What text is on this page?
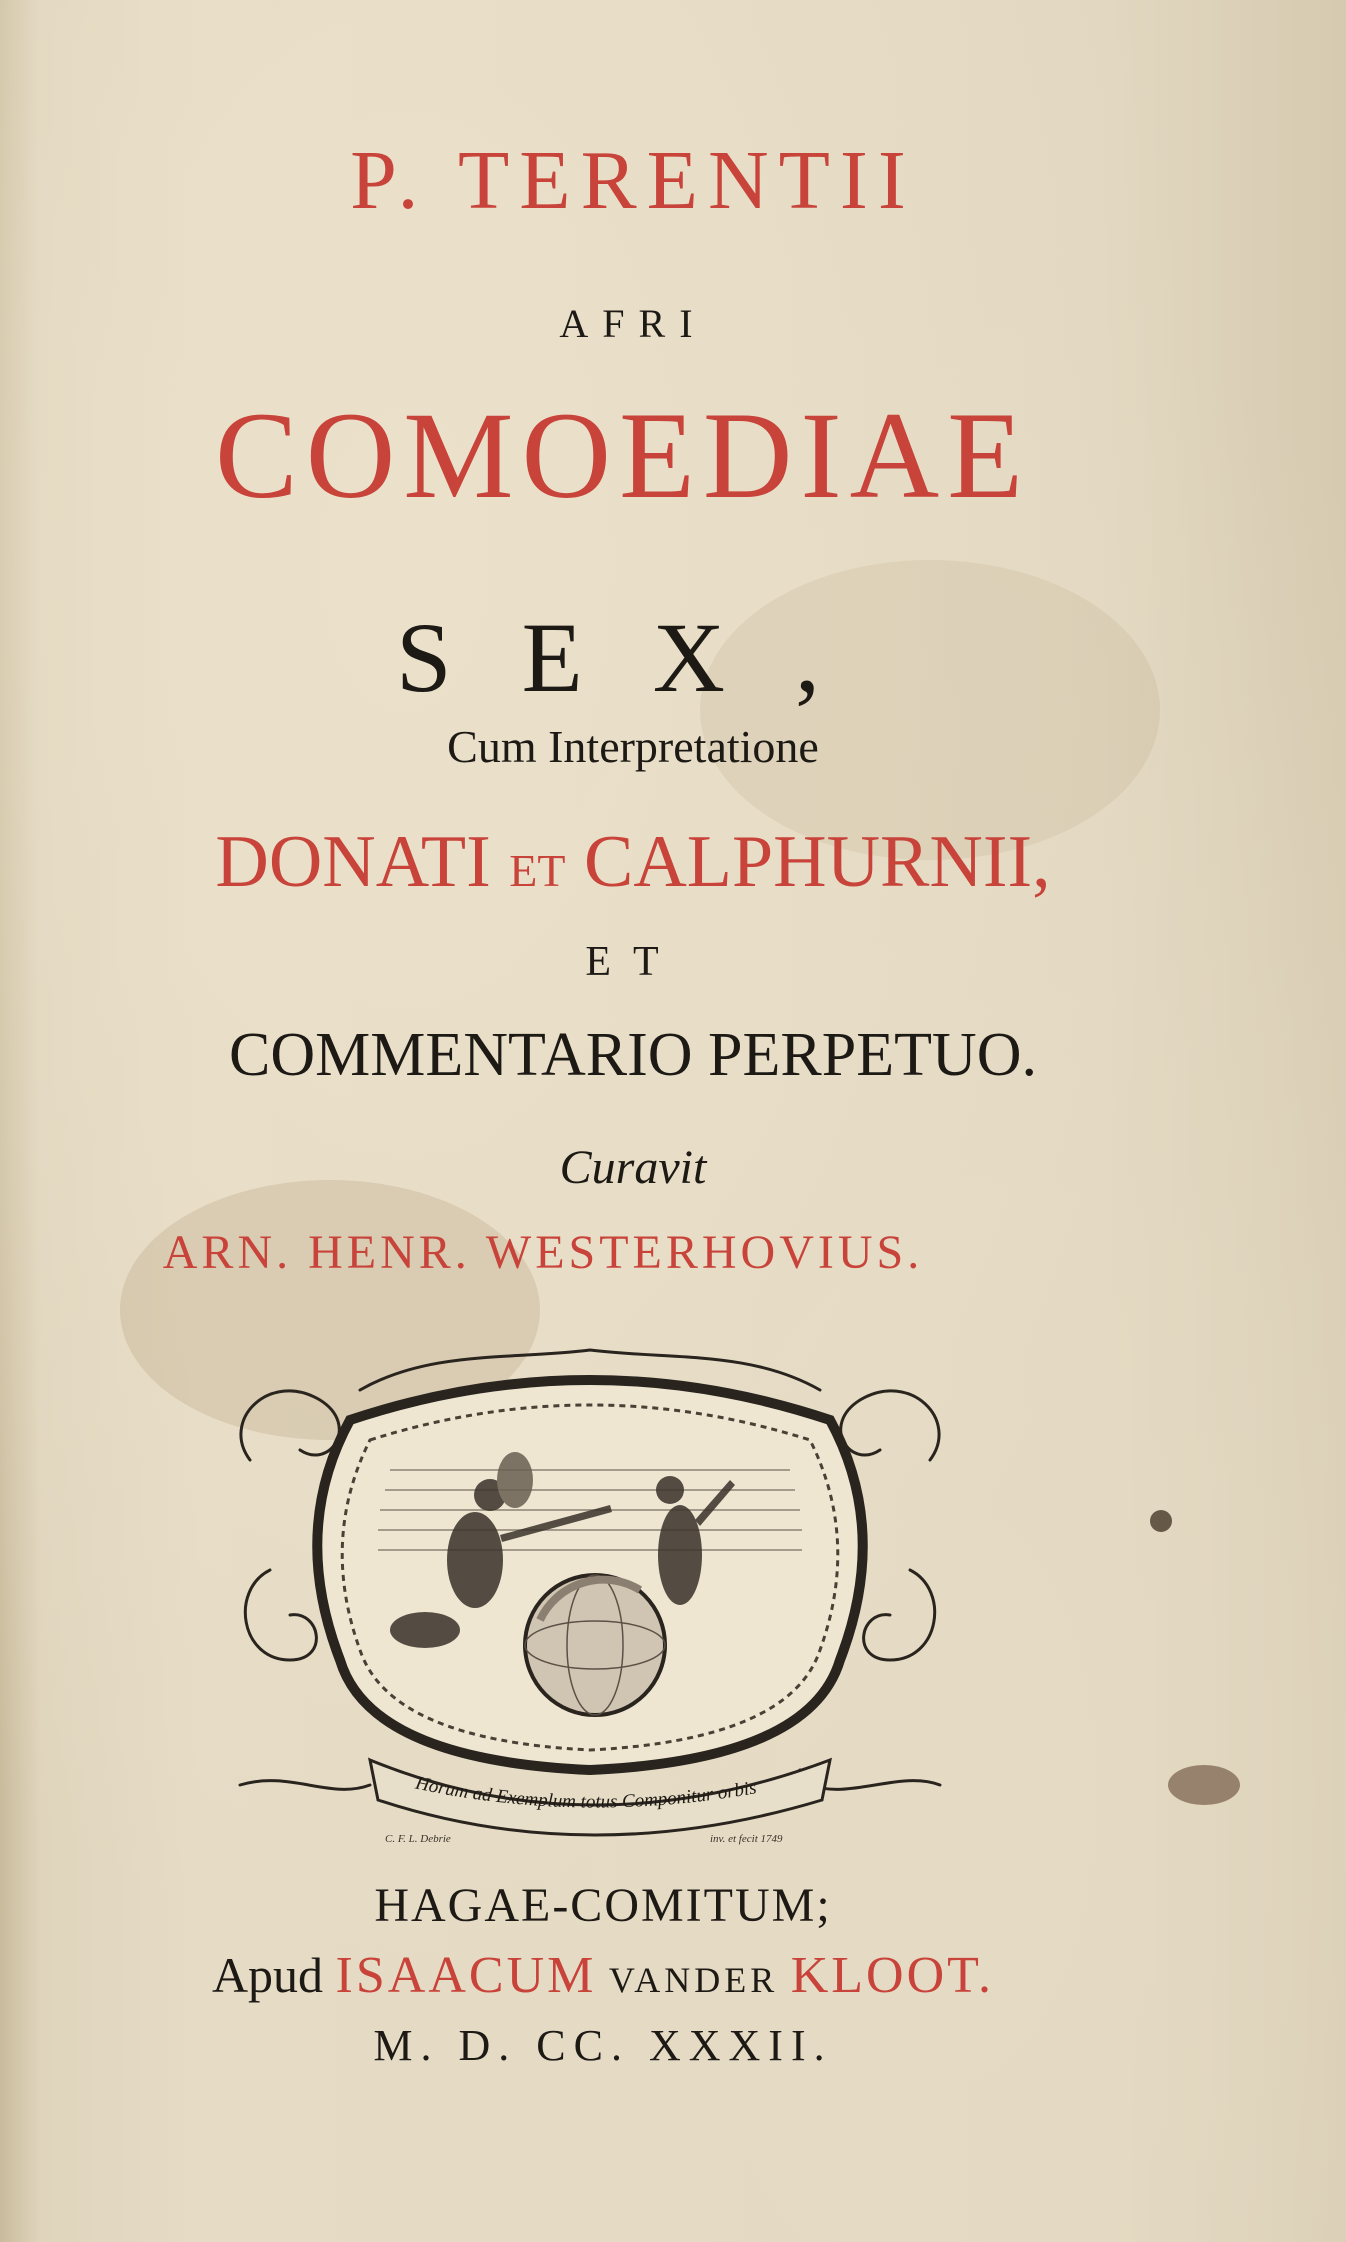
P. TERENTII
AFRI
COMOEDIAE
SEX,
Cum Interpretatione
DONATI ET CALPHURNII,
ET
COMMENTARIO PERPETUO.
Curavit
ARN. HENR. WESTERHOVIUS.
Horum ad Exemplum totus Componitur orbis
C. F. L. Debrie	inv. et fecit 1749
HAGAE-COMITUM;
Apud ISAACUM VANDER KLOOT.
M. D. CC. XXXII.
